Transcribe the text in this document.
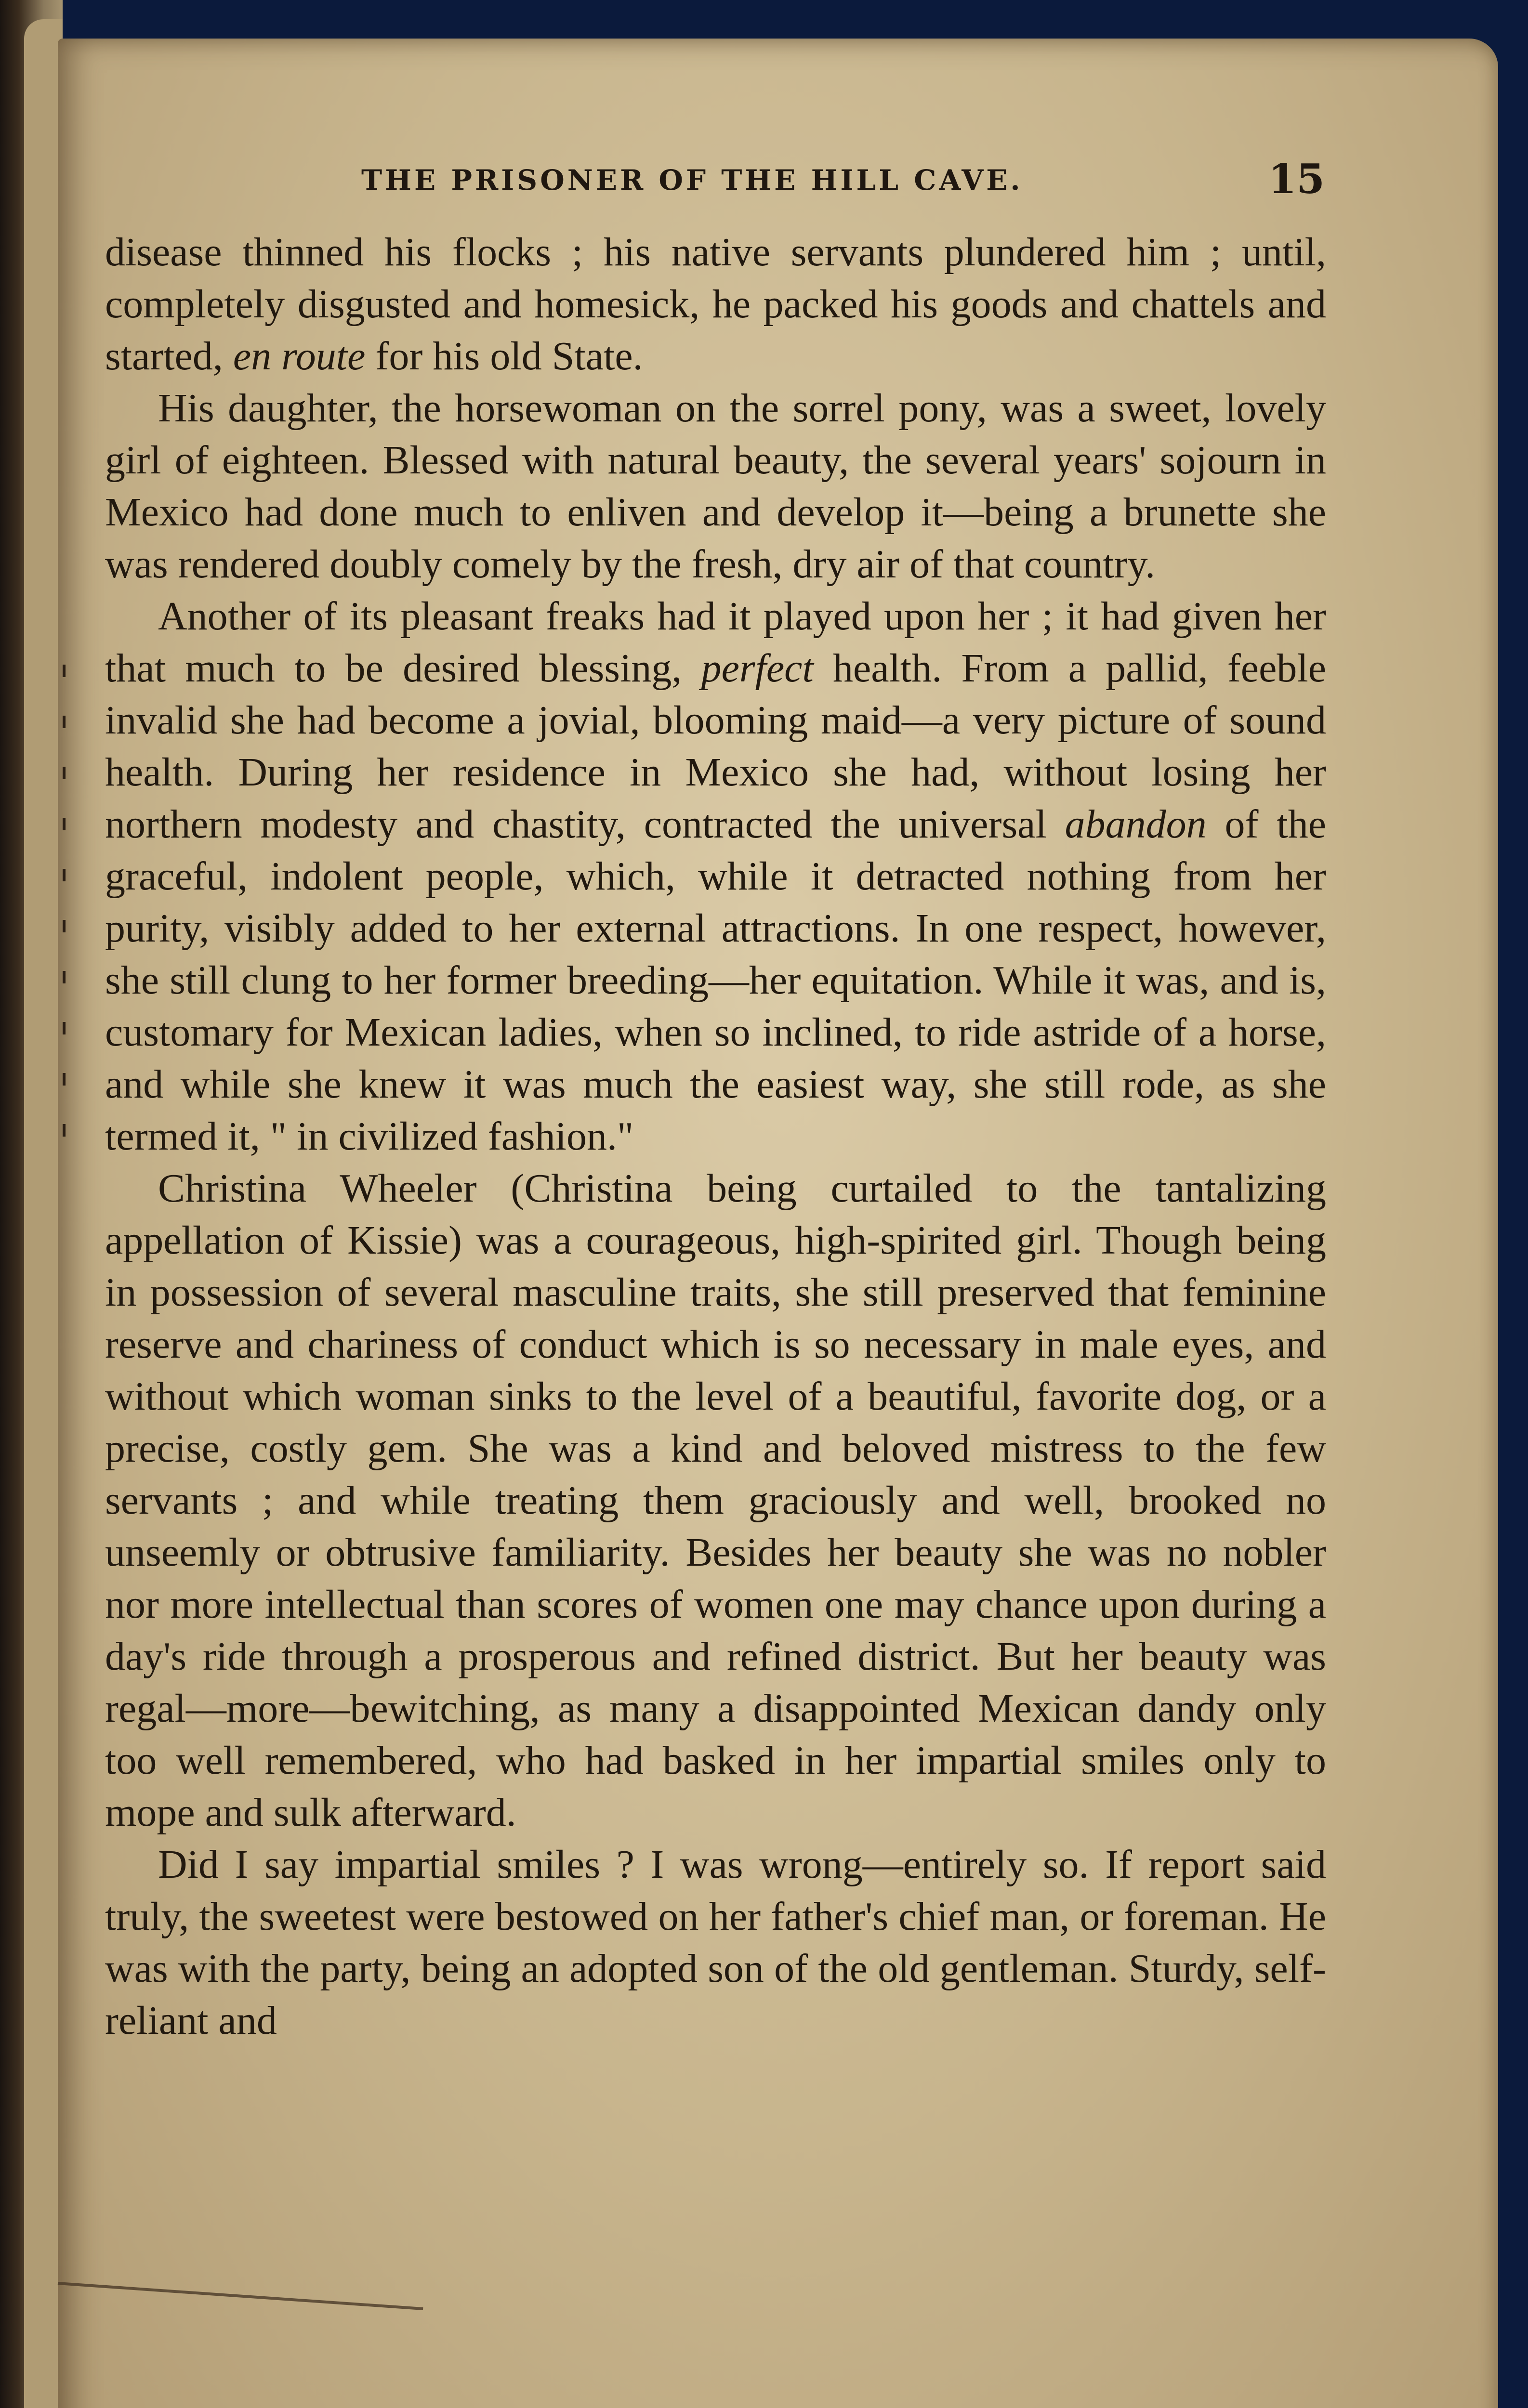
THE PRISONER OF THE HILL CAVE.	15

disease thinned his flocks ; his native servants plundered him ; until, completely disgusted and homesick, he packed his goods and chattels and started, en route for his old State.

His daughter, the horsewoman on the sorrel pony, was a sweet, lovely girl of eighteen. Blessed with natural beauty, the several years' sojourn in Mexico had done much to enliven and develop it—being a brunette she was rendered doubly comely by the fresh, dry air of that country.

Another of its pleasant freaks had it played upon her ; it had given her that much to be desired blessing, perfect health. From a pallid, feeble invalid she had become a jovial, blooming maid—a very picture of sound health. During her residence in Mexico she had, without losing her northern modesty and chastity, contracted the universal abandon of the graceful, indolent people, which, while it detracted nothing from her purity, visibly added to her external attractions. In one respect, however, she still clung to her former breeding—her equitation. While it was, and is, customary for Mexican ladies, when so inclined, to ride astride of a horse, and while she knew it was much the easiest way, she still rode, as she termed it, " in civilized fashion."

Christina Wheeler (Christina being curtailed to the tantalizing appellation of Kissie) was a courageous, high-spirited girl. Though being in possession of several masculine traits, she still preserved that feminine reserve and chariness of conduct which is so necessary in male eyes, and without which woman sinks to the level of a beautiful, favorite dog, or a precise, costly gem. She was a kind and beloved mistress to the few servants ; and while treating them graciously and well, brooked no unseemly or obtrusive familiarity. Besides her beauty she was no nobler nor more intellectual than scores of women one may chance upon during a day's ride through a prosperous and refined district. But her beauty was regal—more—bewitching, as many a disappointed Mexican dandy only too well remembered, who had basked in her impartial smiles only to mope and sulk afterward.

Did I say impartial smiles ? I was wrong—entirely so. If report said truly, the sweetest were bestowed on her father's chief man, or foreman. He was with the party, being an adopted son of the old gentleman. Sturdy, self-reliant and
